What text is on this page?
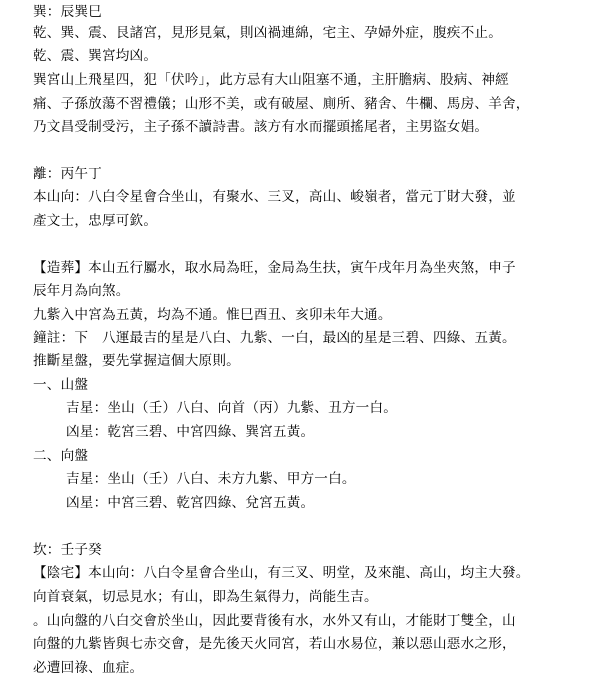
巽：辰巽巳
乾、巽、震、艮諸宮，見形見氣，則凶禍連綿，宅主、孕婦外症，腹疾不止。
乾、震、巽宮均凶。
巽宮山上飛星四，犯「伏吟」，此方忌有大山阻塞不通，主肝膽病、股病、神經
痛、子孫放蕩不習禮儀；山形不美，或有破屋、廁所、豬舍、牛欄、馬房、羊舍，
乃文昌受制受污，主子孫不讀詩書。該方有水而擺頭搖尾者，主男盜女娼。
離：丙午丁
本山向：八白令星會合坐山，有聚水、三叉，高山、峻嶺者，當元丁財大發，並
產文士，忠厚可欽。
【造葬】本山五行屬水，取水局為旺，金局為生扶，寅午戌年月為坐夾煞，申子
辰年月為向煞。
九紫入中宮為五黃，均為不通。惟巳酉丑、亥卯未年大通。
鐘註：下　八運最吉的星是八白、九紫、一白，最凶的星是三碧、四綠、五黃。
推斷星盤，要先掌握這個大原則。
一、山盤
吉星：坐山（壬）八白、向首（丙）九紫、丑方一白。
凶星：乾宮三碧、中宮四綠、巽宮五黃。
二、向盤
吉星：坐山（壬）八白、未方九紫、甲方一白。
凶星：中宮三碧、乾宮四綠、兌宮五黃。
坎：壬子癸
【陰宅】本山向：八白令星會合坐山，有三叉、明堂，及來龍、高山，均主大發。
向首衰氣，切忌見水；有山，即為生氣得力，尚能生吉。
。山向盤的八白交會於坐山，因此要背後有水，水外又有山，才能財丁雙全，山
向盤的九紫皆與七赤交會，是先後天火同宮，若山水易位，兼以惡山惡水之形，
必遭回祿、血症。
